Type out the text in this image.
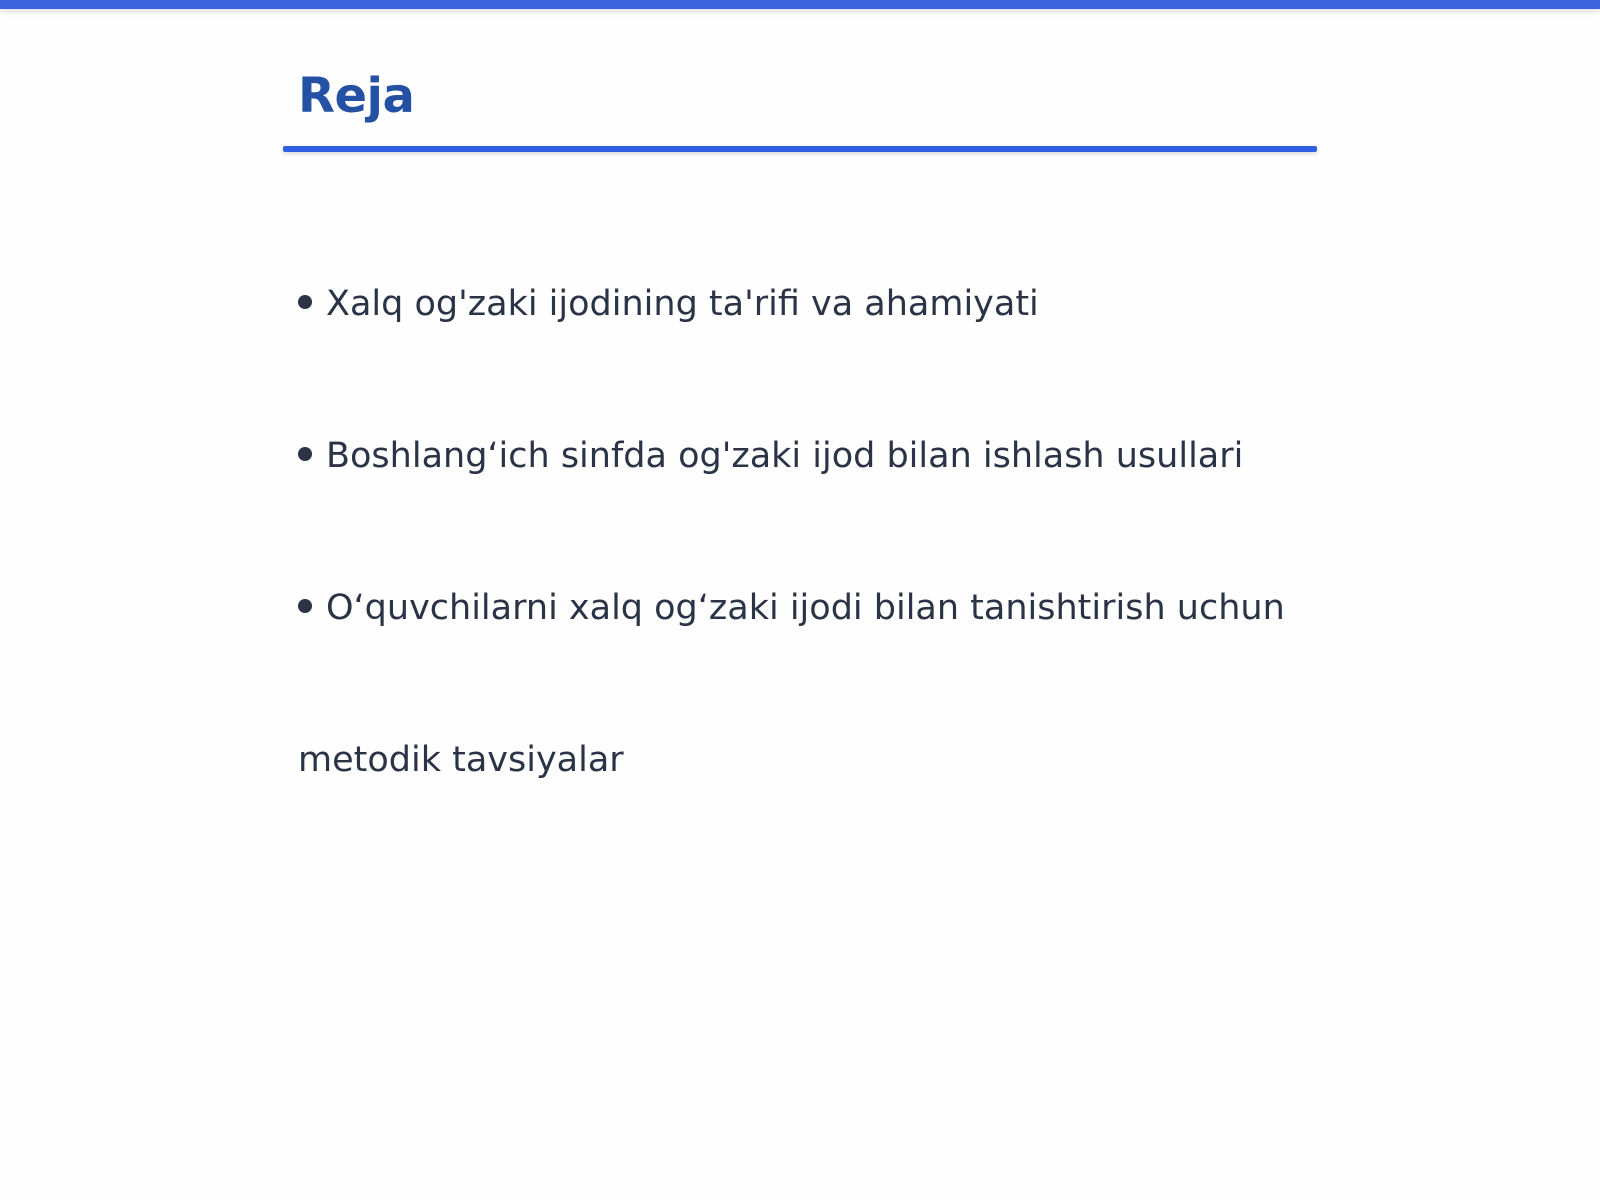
Reja
Xalq og'zaki ijodining ta'rifi va ahamiyati
Boshlang‘ich sinfda og'zaki ijod bilan ishlash usullari
O‘quvchilarni xalq og‘zaki ijodi bilan tanishtirish uchun
metodik tavsiyalar
